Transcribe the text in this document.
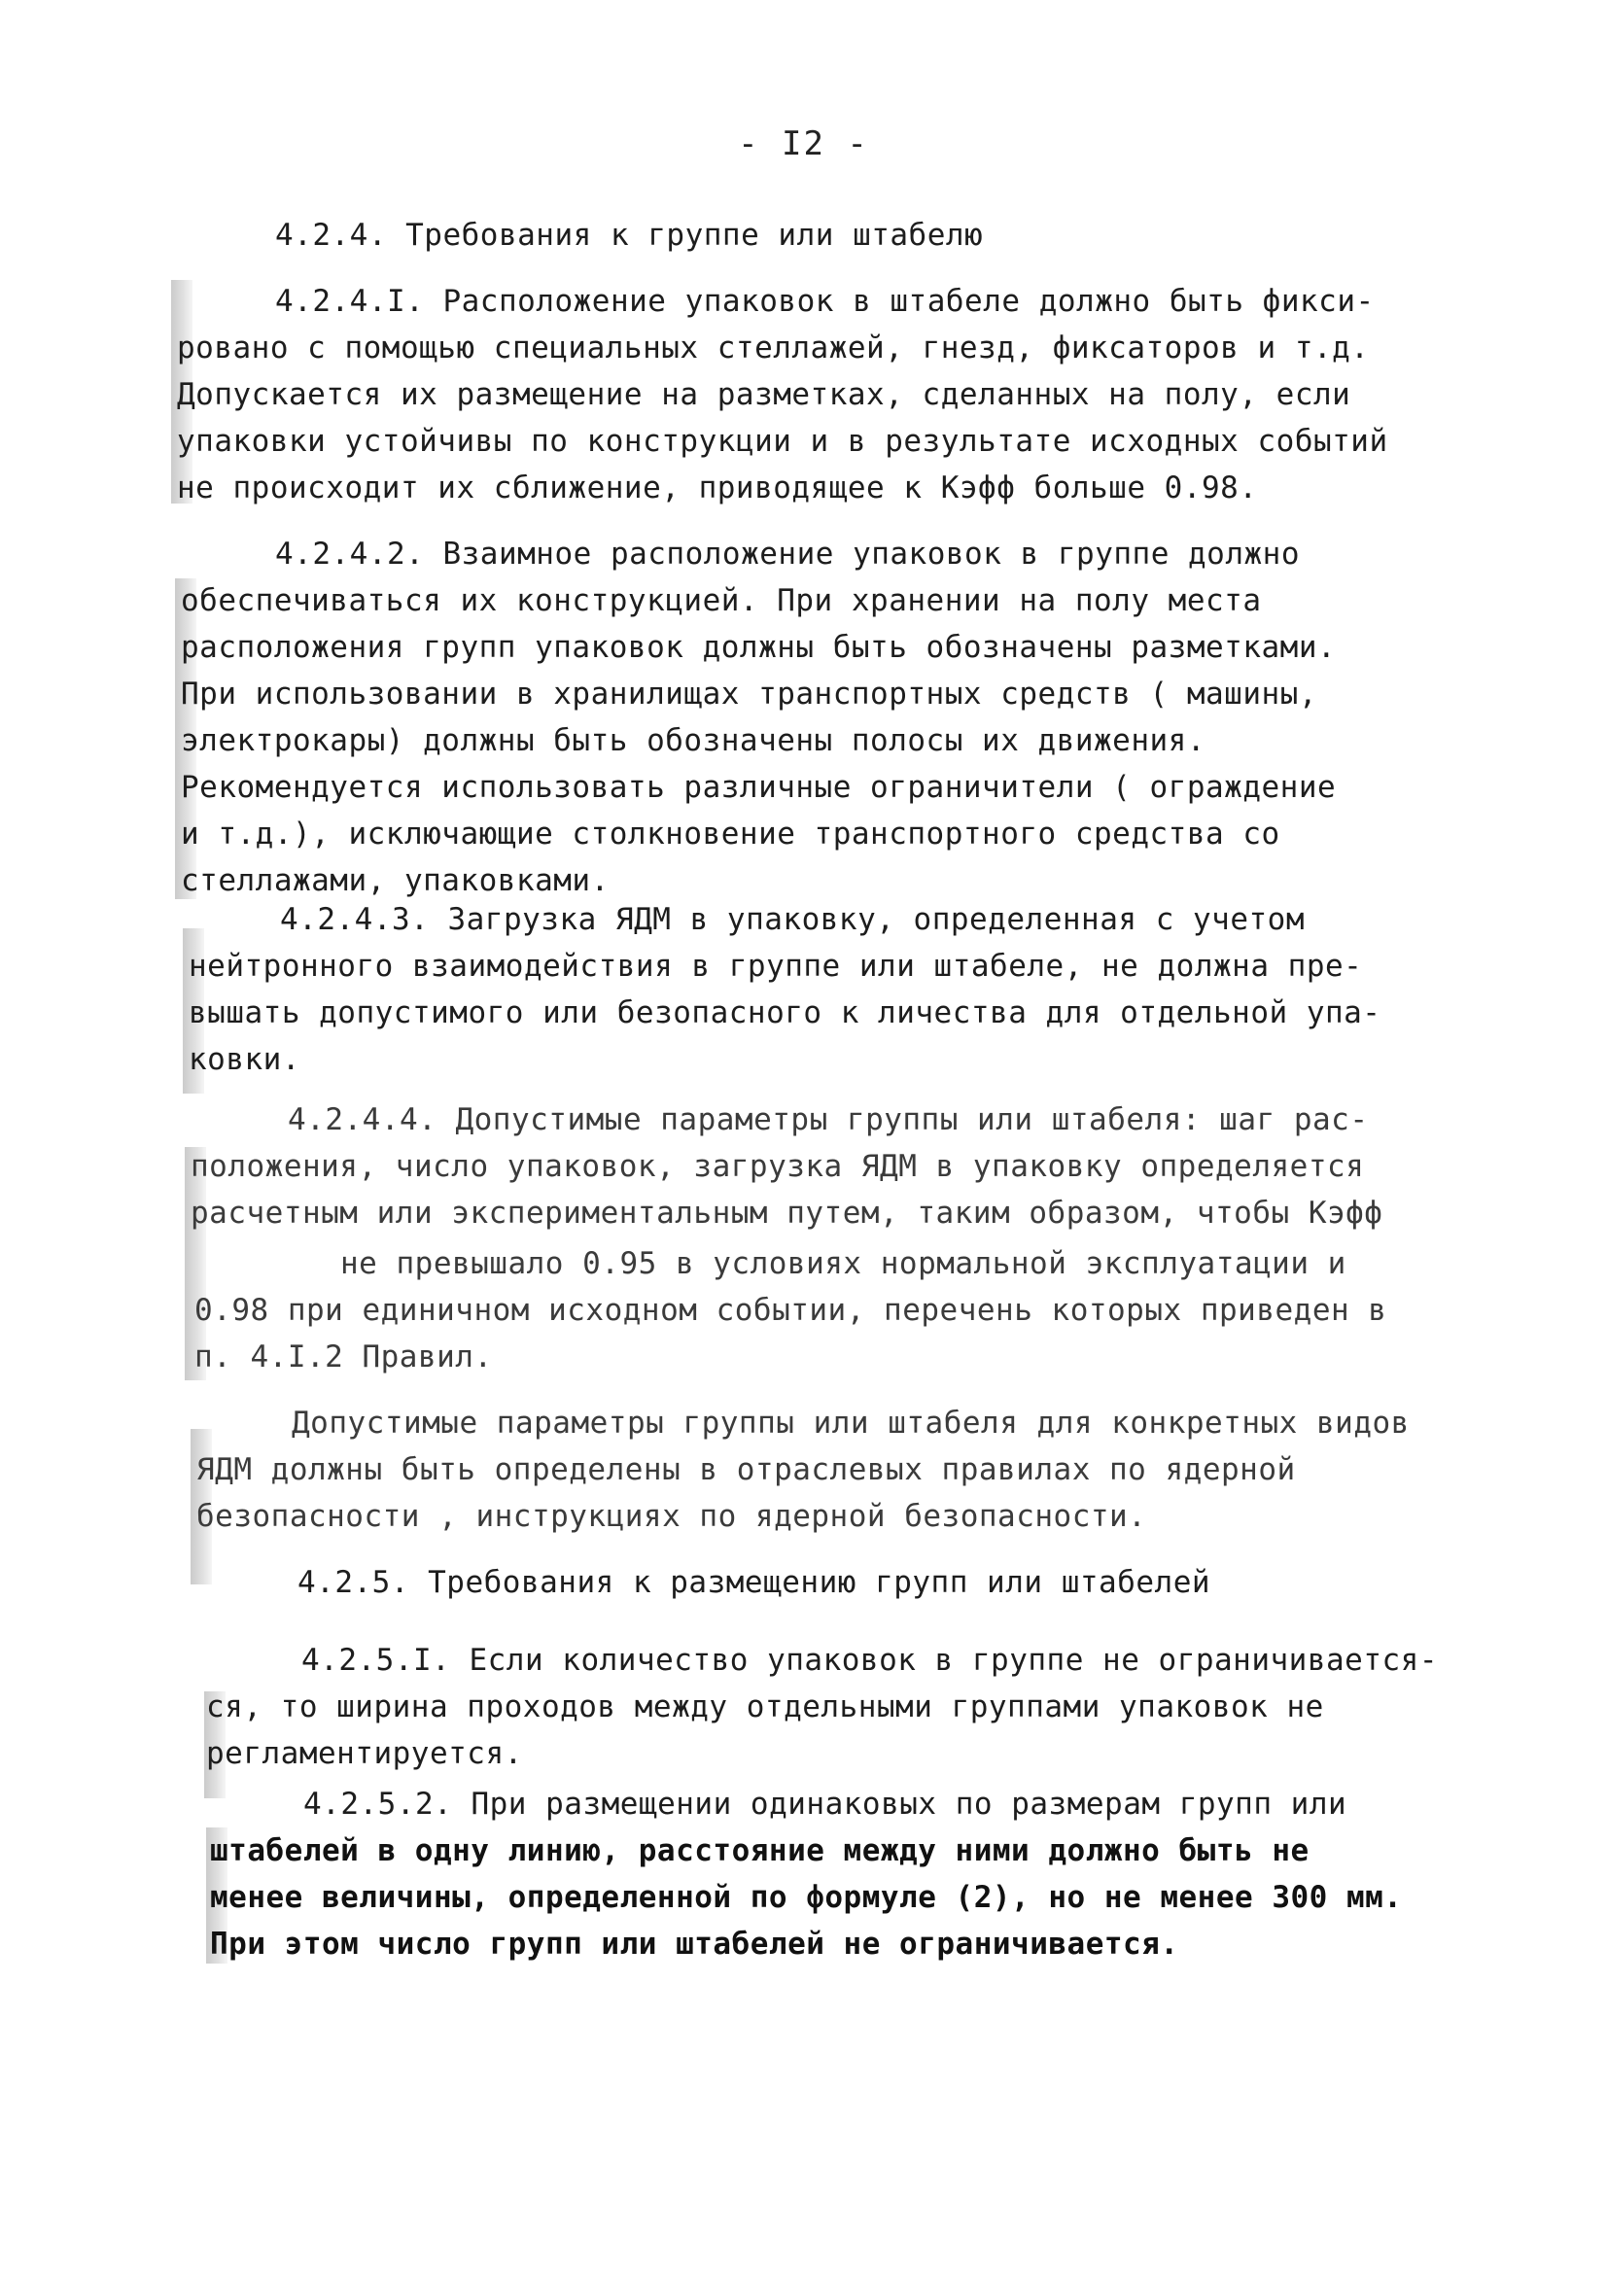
- I2 -
4.2.4. Требования к группе или штабелю
4.2.4.I. Расположение упаковок в штабеле должно быть фикси-
ровано с помощью специальных стеллажей, гнезд, фиксаторов и т.д.
Допускается их размещение на разметках, сделанных на полу, если
упаковки устойчивы по конструкции и в результате исходных событий
не происходит их сближение, приводящее к Кэфф больше 0.98.
4.2.4.2. Взаимное расположение упаковок в группе должно
обеспечиваться их конструкцией. При хранении на полу места
расположения групп упаковок должны быть обозначены разметками.
При использовании в хранилищах транспортных средств ( машины,
электрокары) должны быть обозначены полосы их движения.
Рекомендуется использовать различные ограничители ( ограждение
и т.д.), исключающие столкновение транспортного средства со
стеллажами, упаковками.
4.2.4.3. Загрузка ЯДМ в упаковку, определенная с учетом
нейтронного взаимодействия в группе или штабеле, не должна пре-
вышать допустимого или безопасного к личества для отдельной упа-
ковки.
4.2.4.4. Допустимые параметры группы или штабеля: шаг рас-
положения, число упаковок, загрузка ЯДМ в упаковку определяется
расчетным или экспериментальным путем, таким образом, чтобы Кэфф
не превышало 0.95 в условиях нормальной эксплуатации и
0.98 при единичном исходном событии, перечень которых приведен в
п. 4.I.2 Правил.
Допустимые параметры группы или штабеля для конкретных видов
ЯДМ должны быть определены в отраслевых правилах по ядерной
безопасности , инструкциях по ядерной безопасности.
4.2.5. Требования к размещению групп или штабелей
4.2.5.I. Если количество упаковок в группе не ограничивается-
ся, то ширина проходов между отдельными группами упаковок не
регламентируется.
4.2.5.2. При размещении одинаковых по размерам групп или
штабелей в одну линию, расстояние между ними должно быть не
менее величины, определенной по формуле (2), но не менее 300 мм.
При этом число групп или штабелей не ограничивается.
